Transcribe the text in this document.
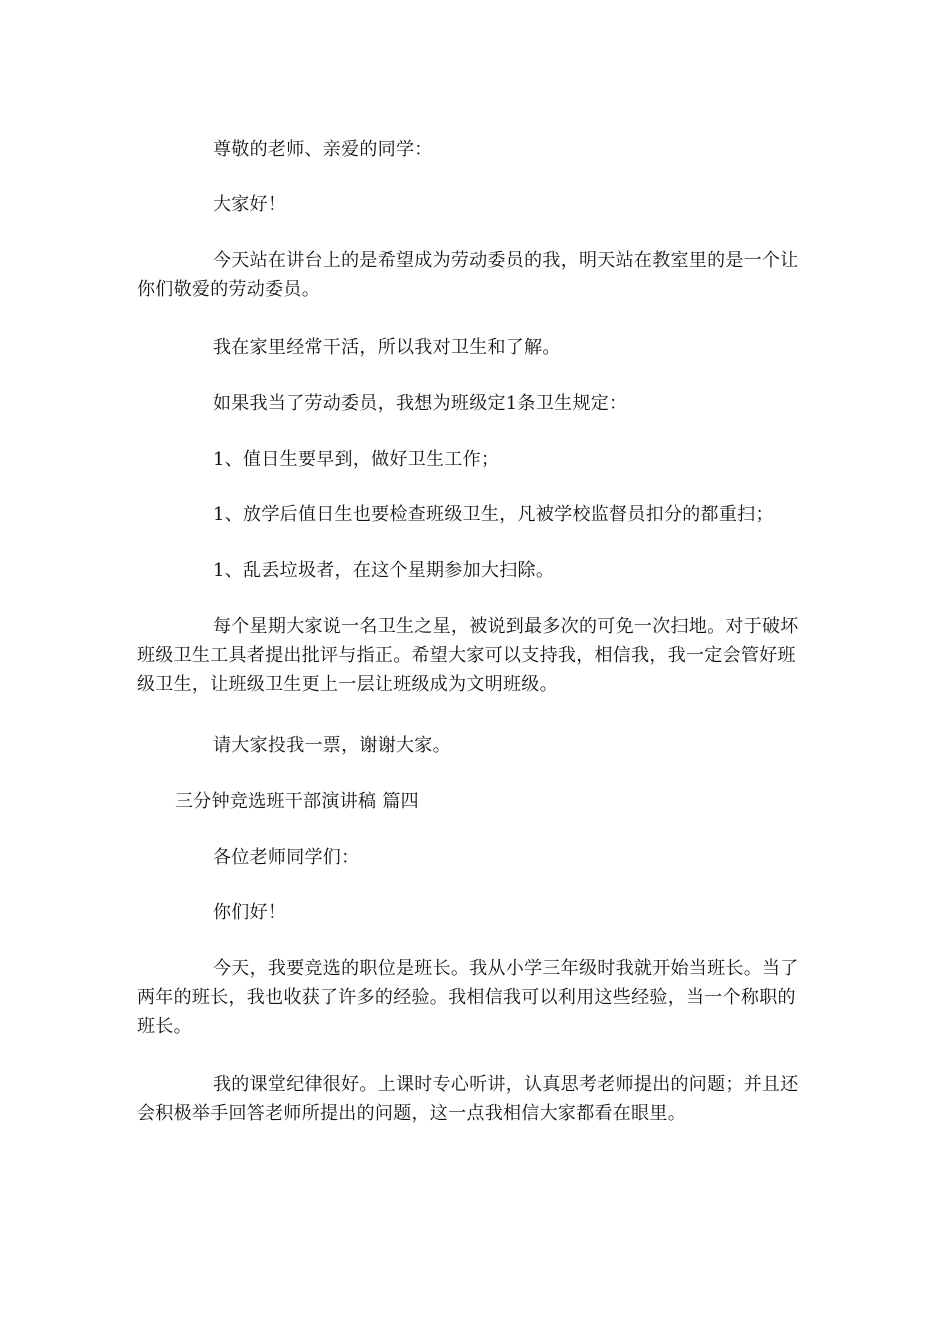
尊敬的老师、亲爱的同学：

大家好！

今天站在讲台上的是希望成为劳动委员的我，明天站在教室里的是一个让你们敬爱的劳动委员。

我在家里经常干活，所以我对卫生和了解。

如果我当了劳动委员，我想为班级定1条卫生规定：

1、值日生要早到，做好卫生工作；

1、放学后值日生也要检查班级卫生，凡被学校监督员扣分的都重扫；

1、乱丢垃圾者，在这个星期参加大扫除。

每个星期大家说一名卫生之星，被说到最多次的可免一次扫地。对于破坏班级卫生工具者提出批评与指正。希望大家可以支持我，相信我，我一定会管好班级卫生，让班级卫生更上一层让班级成为文明班级。

请大家投我一票，谢谢大家。

三分钟竞选班干部演讲稿 篇四

各位老师同学们：

你们好！

今天，我要竞选的职位是班长。我从小学三年级时我就开始当班长。当了两年的班长，我也收获了许多的经验。我相信我可以利用这些经验，当一个称职的班长。

我的课堂纪律很好。上课时专心听讲，认真思考老师提出的问题；并且还会积极举手回答老师所提出的问题，这一点我相信大家都看在眼里。
